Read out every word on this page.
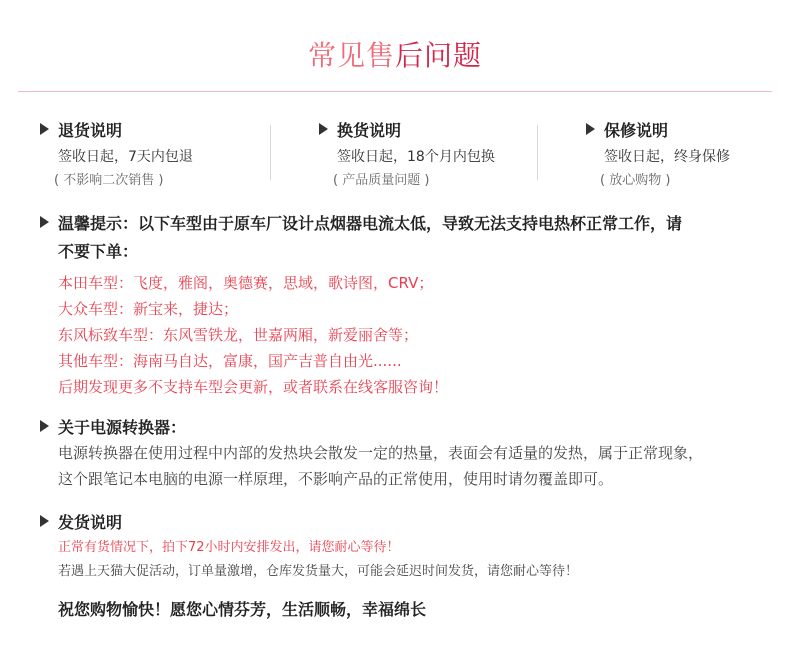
常见售后问题
退货说明
签收日起，7天内包退
( 不影响二次销售 )
换货说明
签收日起，18个月内包换
( 产品质量问题 )
保修说明
签收日起，终身保修
( 放心购物 )
温馨提示：以下车型由于原车厂设计点烟器电流太低，导致无法支持电热杯正常工作，请
不要下单：
本田车型：飞度，雅阁，奥德赛，思域，歌诗图，CRV；
大众车型：新宝来，捷达；
东风标致车型：东风雪铁龙，世嘉两厢，新爱丽舍等；
其他车型：海南马自达，富康，国产吉普自由光......
后期发现更多不支持车型会更新，或者联系在线客服咨询！
关于电源转换器：
电源转换器在使用过程中内部的发热块会散发一定的热量，表面会有适量的发热，属于正常现象，
这个跟笔记本电脑的电源一样原理，不影响产品的正常使用，使用时请勿覆盖即可。
发货说明
正常有货情况下，拍下72小时内安排发出，请您耐心等待！
若遇上天猫大促活动，订单量激增，仓库发货量大，可能会延迟时间发货，请您耐心等待！
祝您购物愉快！愿您心情芬芳，生活顺畅，幸福绵长
